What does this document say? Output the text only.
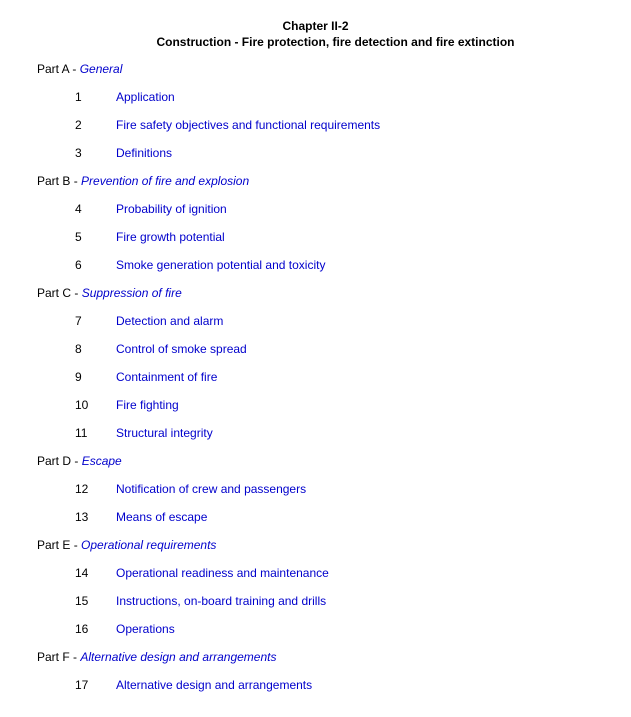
Chapter II-2
Construction - Fire protection, fire detection and fire extinction
Part A - General
1	Application
2	Fire safety objectives and functional requirements
3	Definitions
Part B - Prevention of fire and explosion
4	Probability of ignition
5	Fire growth potential
6	Smoke generation potential and toxicity
Part C - Suppression of fire
7	Detection and alarm
8	Control of smoke spread
9	Containment of fire
10	Fire fighting
11	Structural integrity
Part D - Escape
12	Notification of crew and passengers
13	Means of escape
Part E - Operational requirements
14	Operational readiness and maintenance
15	Instructions, on-board training and drills
16	Operations
Part F - Alternative design and arrangements
17	Alternative design and arrangements
